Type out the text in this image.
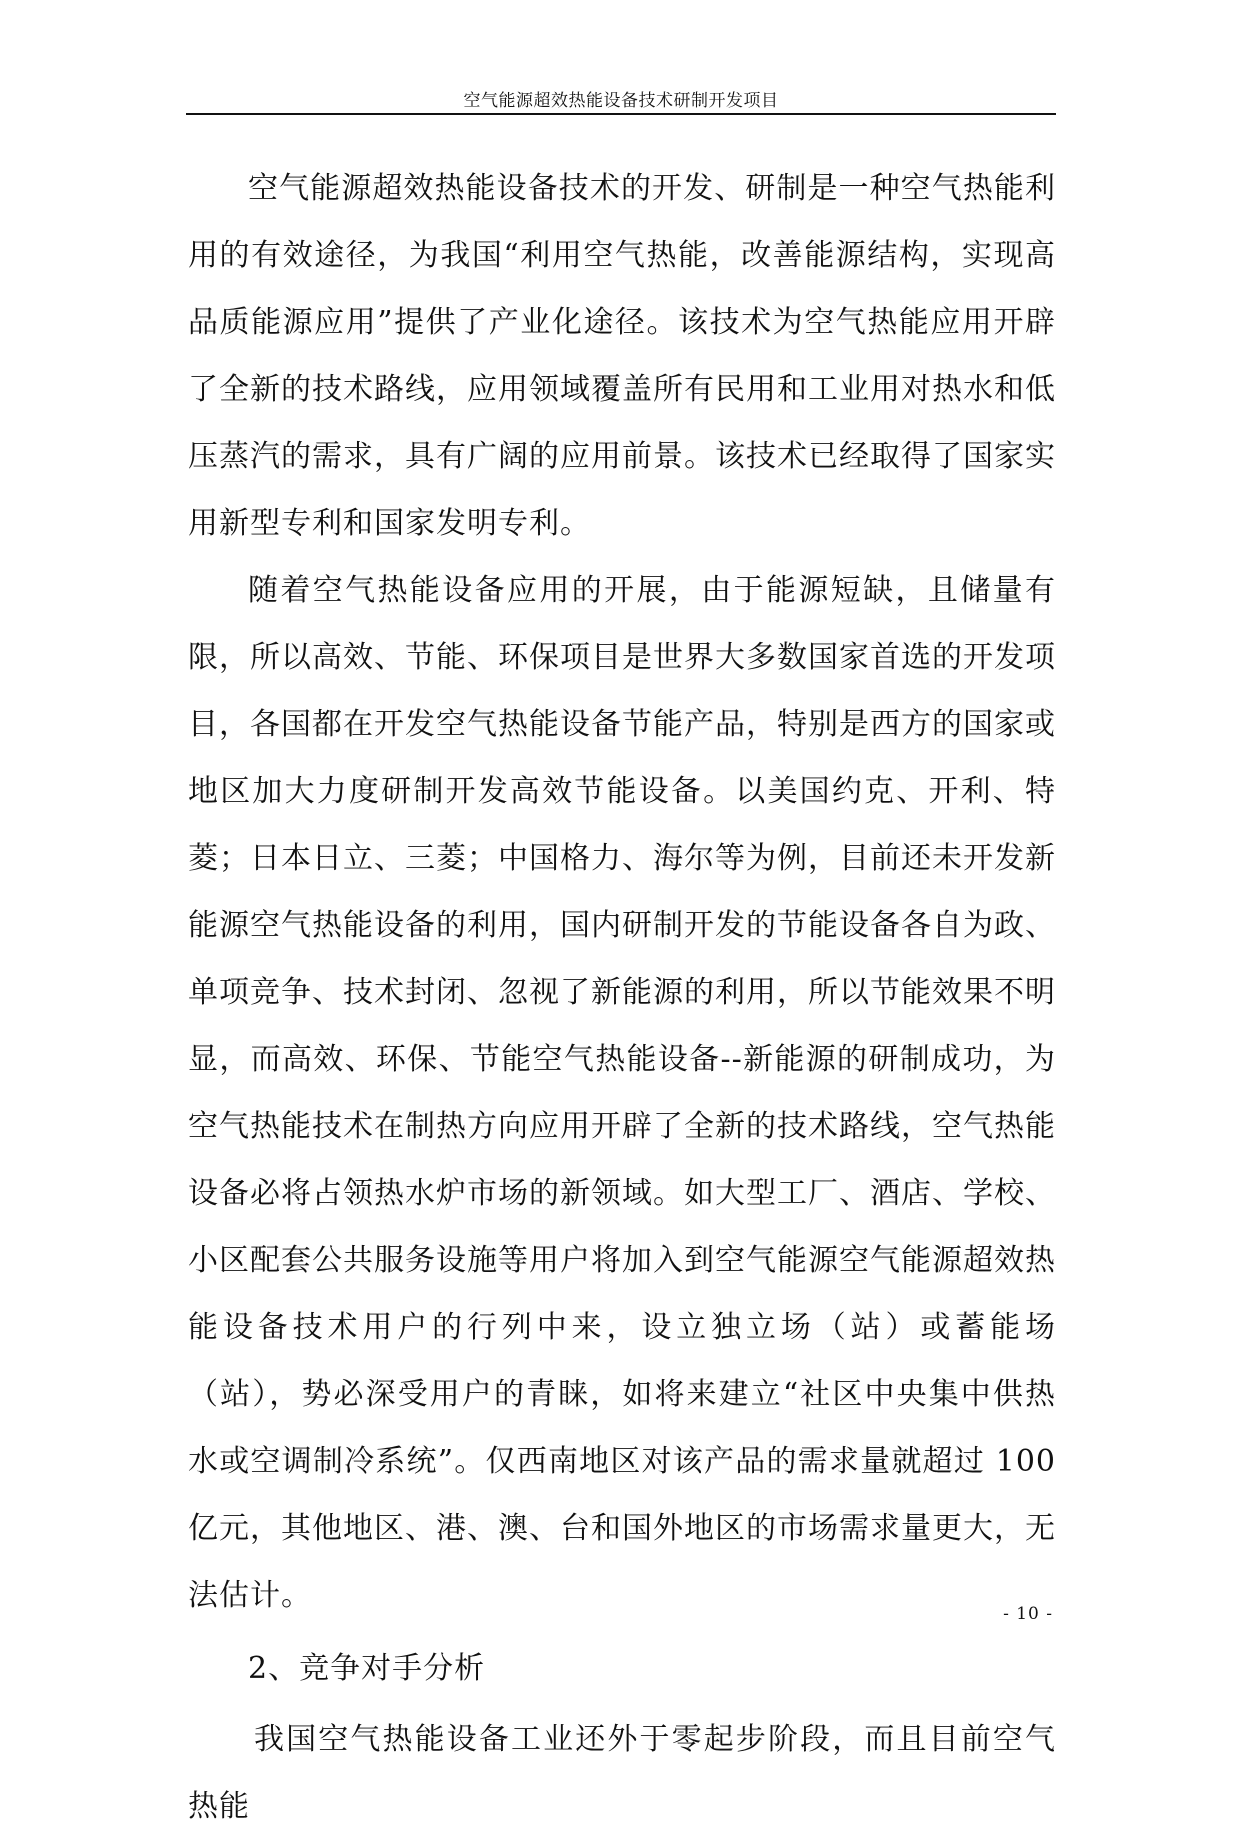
空气能源超效热能设备技术研制开发项目

空气能源超效热能设备技术的开发、研制是一种空气热能利用的有效途径，为我国“利用空气热能，改善能源结构，实现高品质能源应用”提供了产业化途径。该技术为空气热能应用开辟了全新的技术路线，应用领域覆盖所有民用和工业用对热水和低压蒸汽的需求，具有广阔的应用前景。该技术已经取得了国家实用新型专利和国家发明专利。

随着空气热能设备应用的开展，由于能源短缺，且储量有限，所以高效、节能、环保项目是世界大多数国家首选的开发项目，各国都在开发空气热能设备节能产品，特别是西方的国家或地区加大力度研制开发高效节能设备。以美国约克、开利、特菱；日本日立、三菱；中国格力、海尔等为例，目前还未开发新能源空气热能设备的利用，国内研制开发的节能设备各自为政、单项竞争、技术封闭、忽视了新能源的利用，所以节能效果不明显，而高效、环保、节能空气热能设备--新能源的研制成功，为空气热能技术在制热方向应用开辟了全新的技术路线，空气热能设备必将占领热水炉市场的新领域。如大型工厂、酒店、学校、小区配套公共服务设施等用户将加入到空气能源空气能源超效热能设备技术用户的行列中来，设立独立场（站）或蓄能场（站），势必深受用户的青睐，如将来建立“社区中央集中供热水或空调制冷系统”。仅西南地区对该产品的需求量就超过 100 亿元，其他地区、港、澳、台和国外地区的市场需求量更大，无法估计。

2、竞争对手分析

我国空气热能设备工业还外于零起步阶段，而且目前空气热能

- 10 -
